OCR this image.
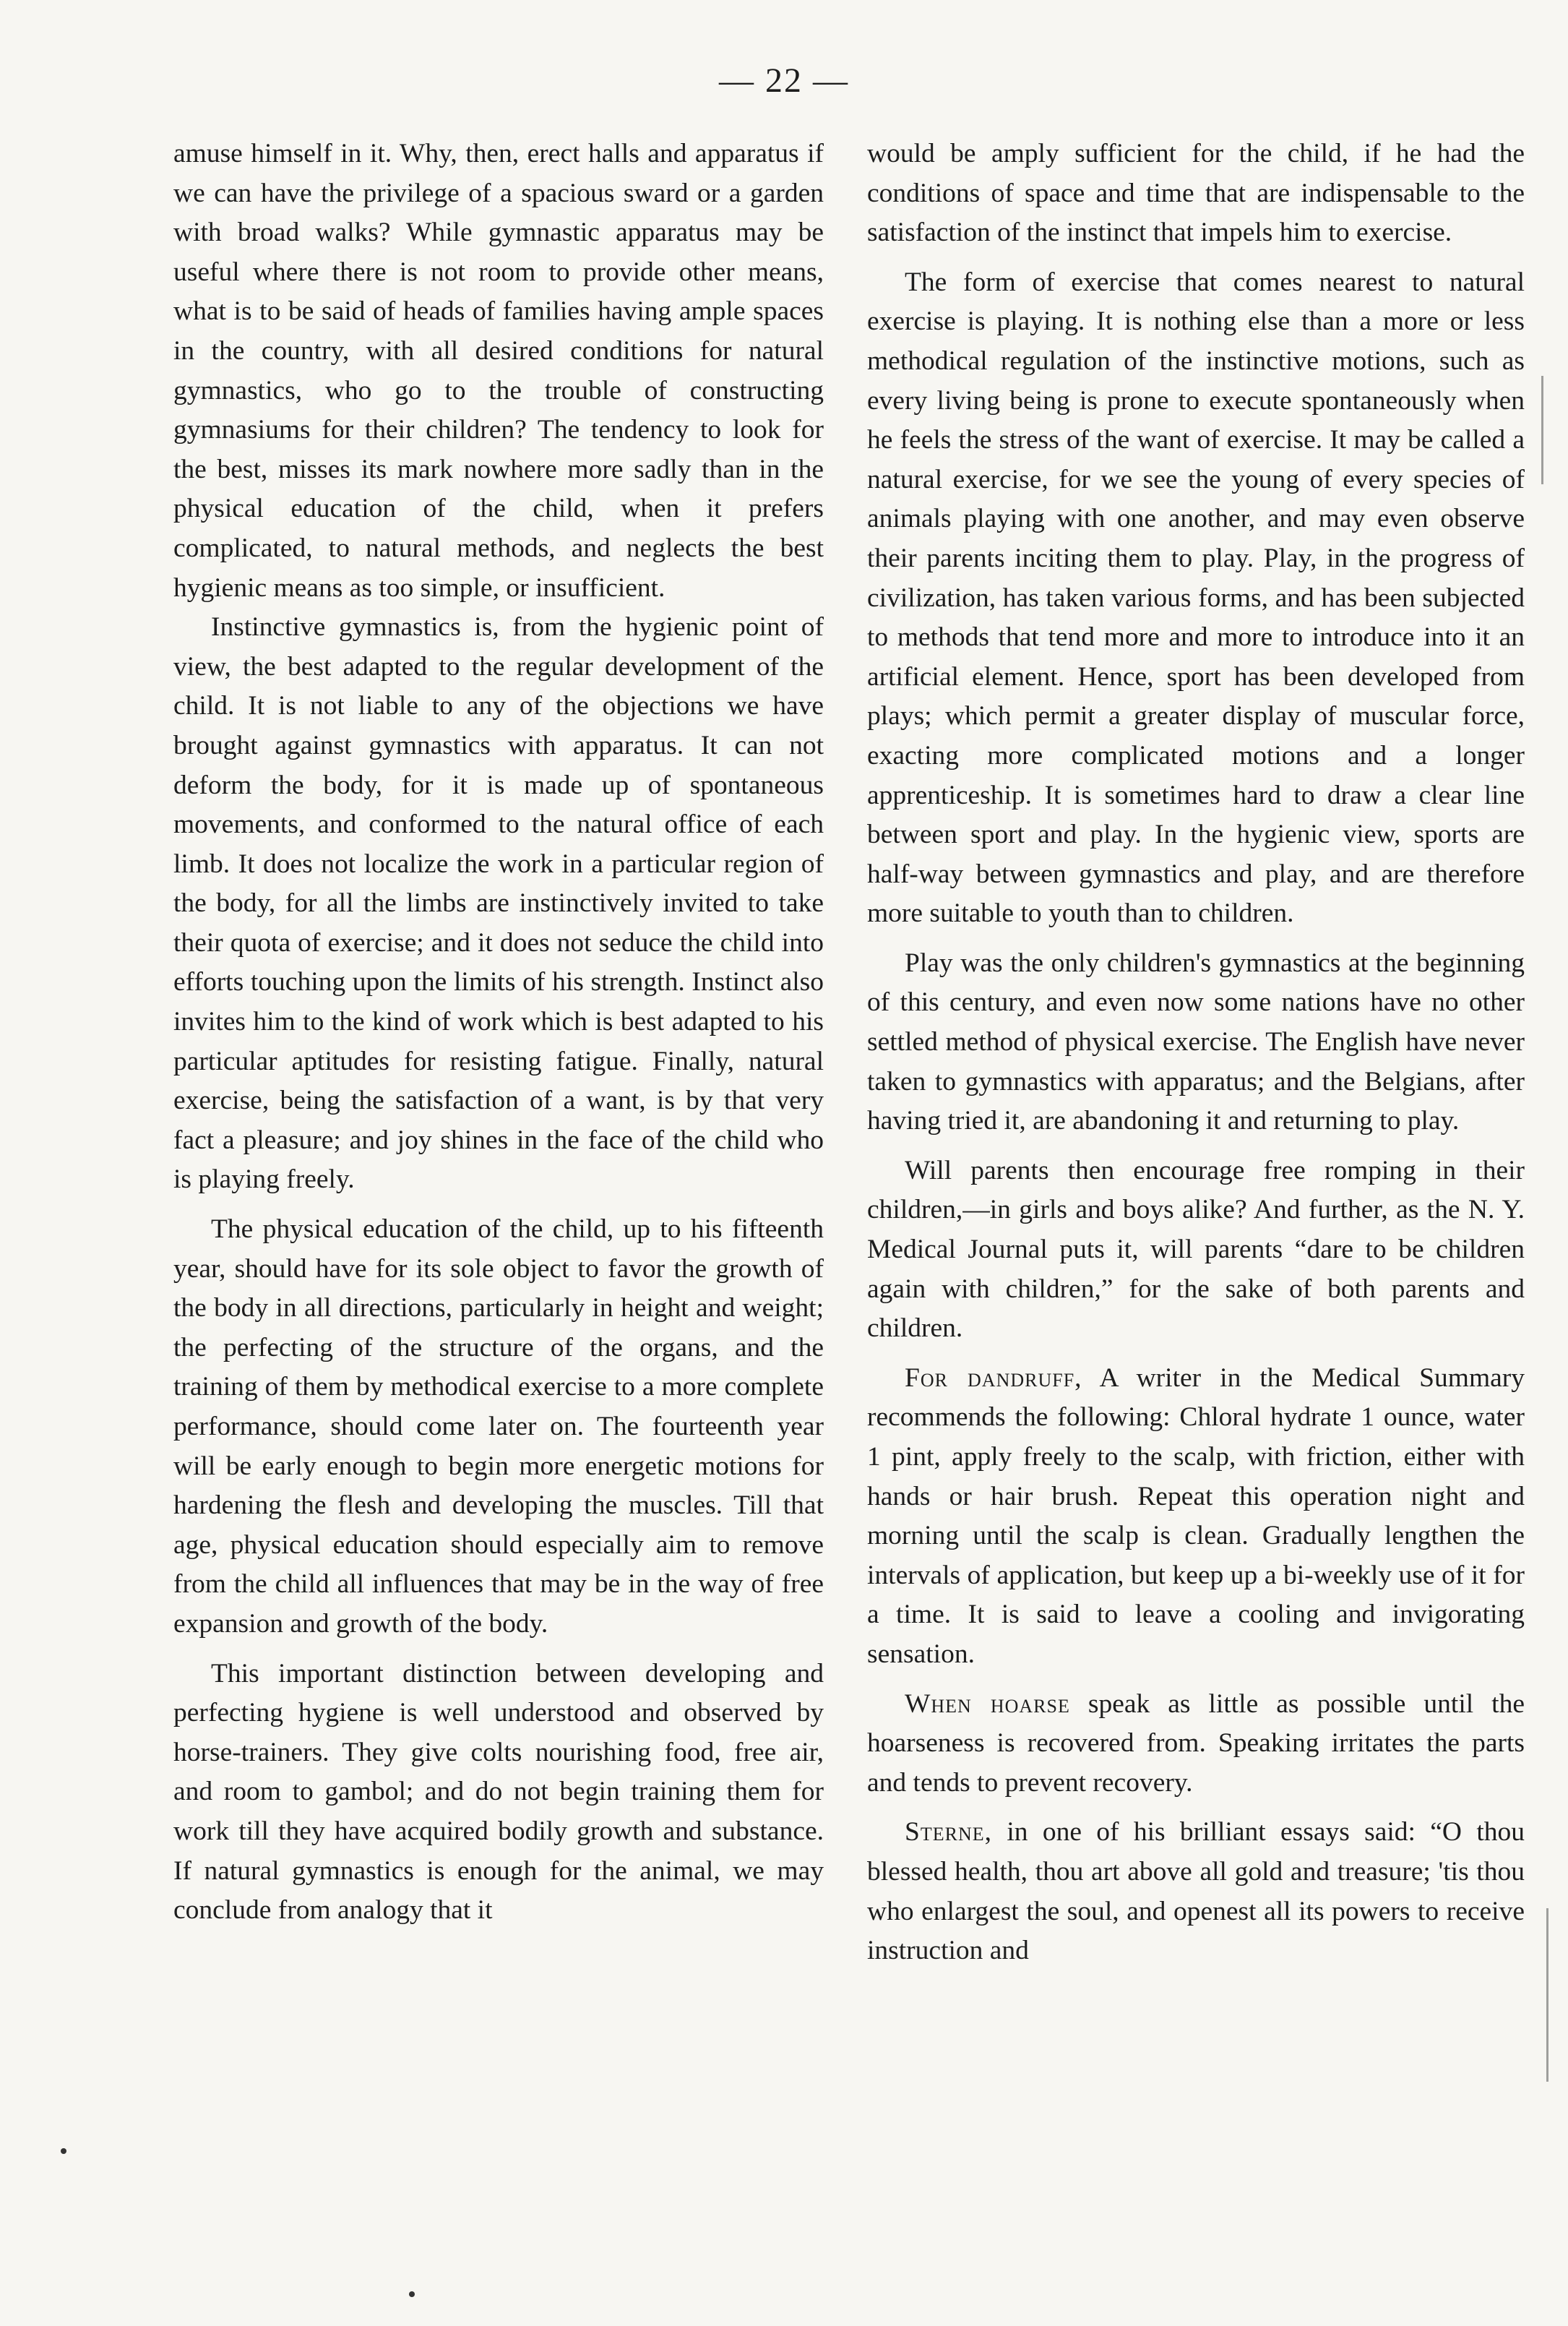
— 22 —

amuse himself in it. Why, then, erect halls and apparatus if we can have the privilege of a spacious sward or a garden with broad walks? While gymnastic apparatus may be useful where there is not room to provide other means, what is to be said of heads of families having ample spaces in the country, with all desired conditions for natural gymnastics, who go to the trouble of constructing gymnasiums for their children? The tendency to look for the best, misses its mark nowhere more sadly than in the physical education of the child, when it prefers complicated, to natural methods, and neglects the best hygienic means as too simple, or insufficient.

Instinctive gymnastics is, from the hygienic point of view, the best adapted to the regular development of the child. It is not liable to any of the objections we have brought against gymnastics with apparatus. It can not deform the body, for it is made up of spontaneous movements, and conformed to the natural office of each limb. It does not localize the work in a particular region of the body, for all the limbs are instinctively invited to take their quota of exercise; and it does not seduce the child into efforts touching upon the limits of his strength. Instinct also invites him to the kind of work which is best adapted to his particular aptitudes for resisting fatigue. Finally, natural exercise, being the satisfaction of a want, is by that very fact a pleasure; and joy shines in the face of the child who is playing freely.

The physical education of the child, up to his fifteenth year, should have for its sole object to favor the growth of the body in all directions, particularly in height and weight; the perfecting of the structure of the organs, and the training of them by methodical exercise to a more complete performance, should come later on. The fourteenth year will be early enough to begin more energetic motions for hardening the flesh and developing the muscles. Till that age, physical education should especially aim to remove from the child all influences that may be in the way of free expansion and growth of the body.

This important distinction between developing and perfecting hygiene is well understood and observed by horse-trainers. They give colts nourishing food, free air, and room to gambol; and do not begin training them for work till they have acquired bodily growth and substance. If natural gymnastics is enough for the animal, we may conclude from analogy that it

would be amply sufficient for the child, if he had the conditions of space and time that are indispensable to the satisfaction of the instinct that impels him to exercise.

The form of exercise that comes nearest to natural exercise is playing. It is nothing else than a more or less methodical regulation of the instinctive motions, such as every living being is prone to execute spontaneously when he feels the stress of the want of exercise. It may be called a natural exercise, for we see the young of every species of animals playing with one another, and may even observe their parents inciting them to play. Play, in the progress of civilization, has taken various forms, and has been subjected to methods that tend more and more to introduce into it an artificial element. Hence, sport has been developed from plays; which permit a greater display of muscular force, exacting more complicated motions and a longer apprenticeship. It is sometimes hard to draw a clear line between sport and play. In the hygienic view, sports are half-way between gymnastics and play, and are therefore more suitable to youth than to children.

Play was the only children's gymnastics at the beginning of this century, and even now some nations have no other settled method of physical exercise. The English have never taken to gymnastics with apparatus; and the Belgians, after having tried it, are abandoning it and returning to play.

Will parents then encourage free romping in their children,—in girls and boys alike? And further, as the N. Y. Medical Journal puts it, will parents “dare to be children again with children,” for the sake of both parents and children.

For dandruff, A writer in the Medical Summary recommends the following: Chloral hydrate 1 ounce, water 1 pint, apply freely to the scalp, with friction, either with hands or hair brush. Repeat this operation night and morning until the scalp is clean. Gradually lengthen the intervals of application, but keep up a bi-weekly use of it for a time. It is said to leave a cooling and invigorating sensation.

When hoarse speak as little as possible until the hoarseness is recovered from. Speaking irritates the parts and tends to prevent recovery.

Sterne, in one of his brilliant essays said: “O thou blessed health, thou art above all gold and treasure; 'tis thou who enlargest the soul, and openest all its powers to receive instruction and
